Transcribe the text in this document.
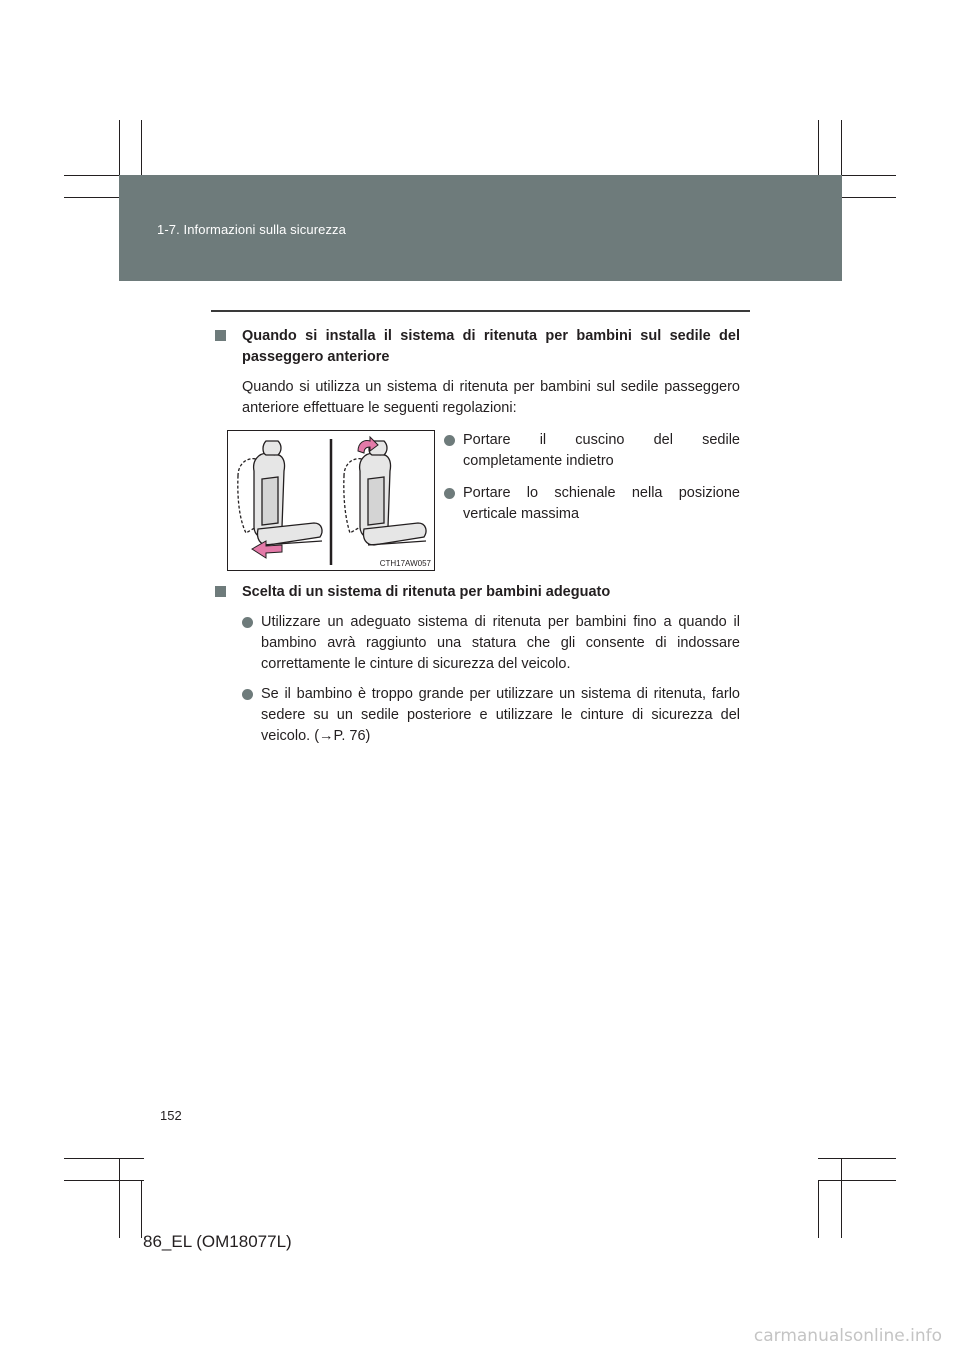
1-7. Informazioni sulla sicurezza
Quando si installa il sistema di ritenuta per bambini sul sedile del passeggero anteriore
Quando si utilizza un sistema di ritenuta per bambini sul sedile passeggero anteriore effettuare le seguenti regolazioni:
CTH17AW057
Portare il cuscino del sedile completamente indietro
Portare lo schienale nella posizione verticale massima
Scelta di un sistema di ritenuta per bambini adeguato
Utilizzare un adeguato sistema di ritenuta per bambini fino a quando il bambino avrà raggiunto una statura che gli consente di indossare correttamente le cinture di sicurezza del veicolo.
Se il bambino è troppo grande per utilizzare un sistema di ritenuta, farlo sedere su un sedile posteriore e utilizzare le cinture di sicurezza del veicolo. (→P. 76)
152
86_EL (OM18077L)
carmanualsonline.info
